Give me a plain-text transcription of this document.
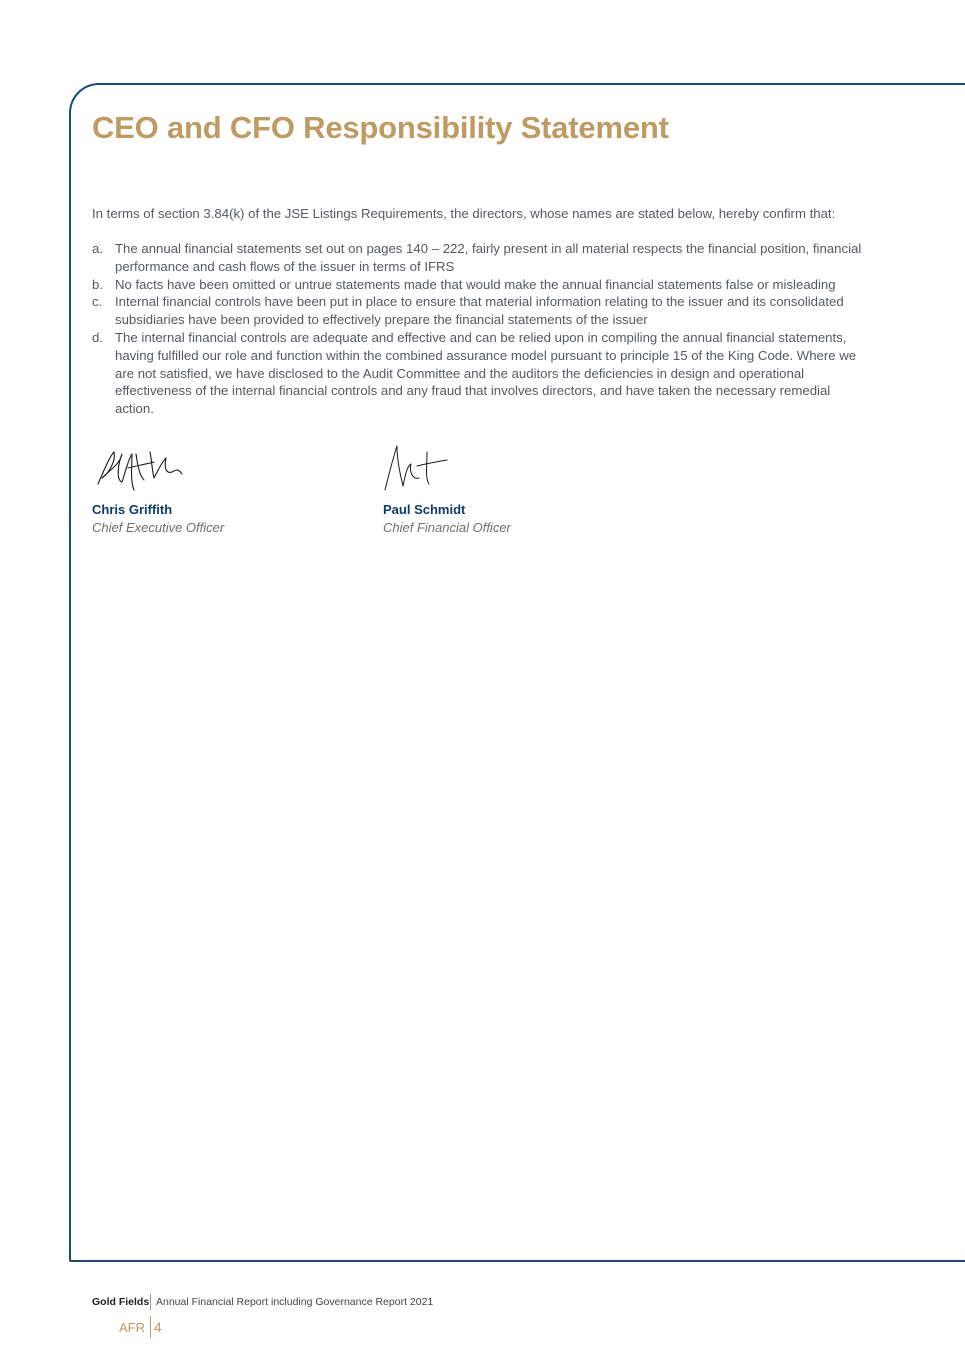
CEO and CFO Responsibility Statement

In terms of section 3.84(k) of the JSE Listings Requirements, the directors, whose names are stated below, hereby confirm that:

a. The annual financial statements set out on pages 140 – 222, fairly present in all material respects the financial position, financial performance and cash flows of the issuer in terms of IFRS
b. No facts have been omitted or untrue statements made that would make the annual financial statements false or misleading
c. Internal financial controls have been put in place to ensure that material information relating to the issuer and its consolidated subsidiaries have been provided to effectively prepare the financial statements of the issuer
d. The internal financial controls are adequate and effective and can be relied upon in compiling the annual financial statements, having fulfilled our role and function within the combined assurance model pursuant to principle 15 of the King Code. Where we are not satisfied, we have disclosed to the Audit Committee and the auditors the deficiencies in design and operational effectiveness of the internal financial controls and any fraud that involves directors, and have taken the necessary remedial action.
Chris Griffith
Chief Executive Officer
Paul Schmidt
Chief Financial Officer
Gold Fields Annual Financial Report including Governance Report 2021
AFR 4
